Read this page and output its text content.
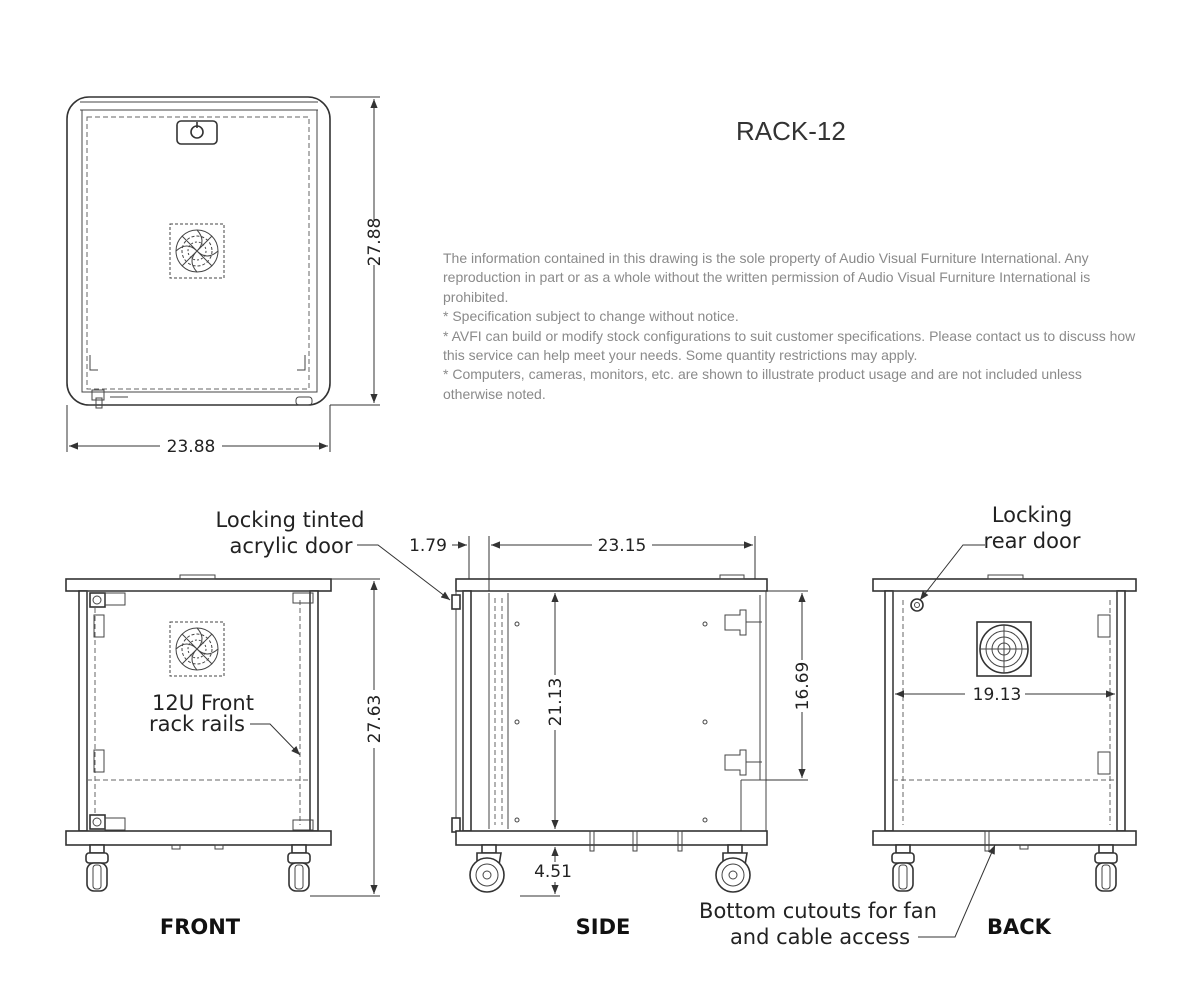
RACK-12

The information contained in this drawing is the sole property of Audio Visual Furniture International. Any reproduction in part or as a whole without the written permission of Audio Visual Furniture International is prohibited.

* Specification subject to change without notice.

* AVFI can build or modify stock configurations to suit customer specifications. Please contact us to discuss how this service can help meet your needs. Some quantity restrictions may apply.

* Computers, cameras, monitors, etc. are shown to illustrate product usage and are not included unless otherwise noted.

27.88
23.88
12U Front
rack rails	27.63
FRONT
Locking tinted
acrylic door	1.79	23.15
21.13	16.69
4.51
SIDE
Locking
rear door
19.13
Bottom cutouts for fan
and cable access	BACK
